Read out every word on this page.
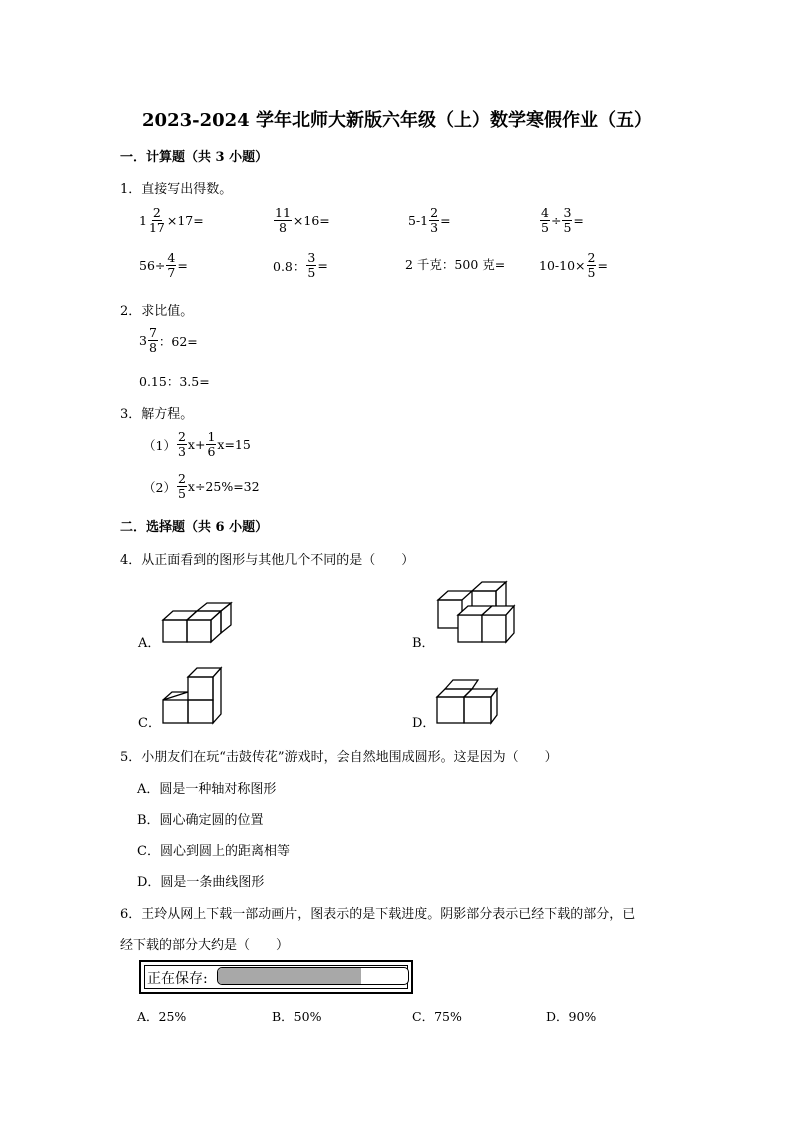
2023-2024 学年北师大新版六年级（上）数学寒假作业（五）
一．计算题（共 3 小题）
1．直接写出得数。
$1 \frac{2}{17} \times 17=$	$\frac{11}{8} \times 16=$	$5-1 \frac{2}{3}$ =	$\frac{4}{5} \div \frac{3}{5}$ =
$56\div \frac{4}{7}$ =	0.8： $\frac{3}{5}$ =	2 千克：500 克=	$10-10\times \frac{2}{5}$ =
2．求比值。
$3 \frac{7}{8}$ ：62=
0.15：3.5=
3．解方程。
$(1) \frac{2}{3} x+ \frac{1}{6} x=15$
$(2) \frac{2}{5} x\div 25\%=32$
二．选择题（共 6 小题）
4．从正面看到的图形与其他几个不同的是（　　）
A．	B．
C．	D．
5．小朋友们在玩“击鼓传花”游戏时，会自然地围成圆形。这是因为（　　）
A．圆是一种轴对称图形
B．圆心确定圆的位置
C．圆心到圆上的距离相等
D．圆是一条曲线图形
6．王玲从网上下载一部动画片，图表示的是下载进度。阴影部分表示已经下载的部分，已
经下载的部分大约是（　　）
正在保存:
A．25%	B．50%	C．75%	D．90%
